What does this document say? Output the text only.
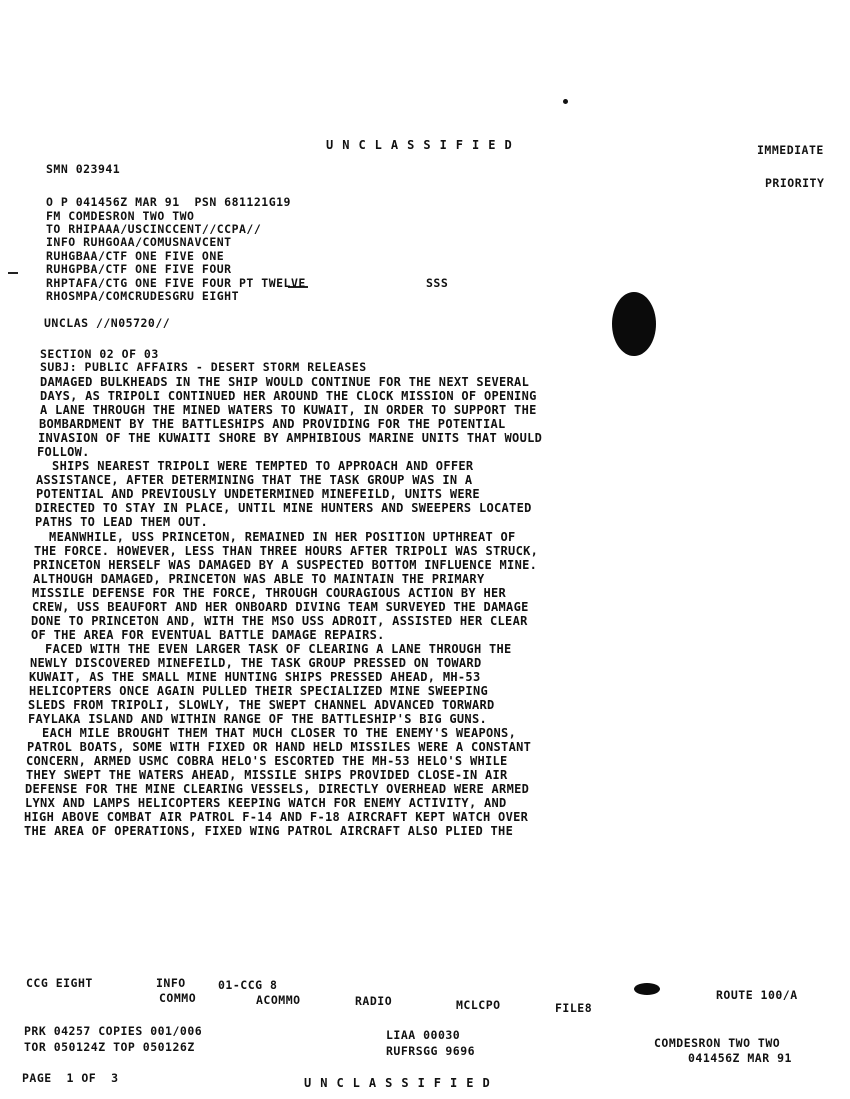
UNCLASSIFIED	IMMEDIATE
PRIORITY
SMN 023941
O P 041456Z MAR 91  PSN 681121G19
FM COMDESRON TWO TWO
TO RHIPAAA/USCINCCENT//CCPA//
INFO RUHGOAA/COMUSNAVCENT
RUHGBAA/CTF ONE FIVE ONE
RUHGPBA/CTF ONE FIVE FOUR
RHPTAFA/CTG ONE FIVE FOUR PT TWELVE	SSS
RHOSMPA/COMCRUDESGRU EIGHT
UNCLAS //N05720//
SECTION 02 OF 03
SUBJ: PUBLIC AFFAIRS - DESERT STORM RELEASES
DAMAGED BULKHEADS IN THE SHIP WOULD CONTINUE FOR THE NEXT SEVERAL
DAYS, AS TRIPOLI CONTINUED HER AROUND THE CLOCK MISSION OF OPENING
A LANE THROUGH THE MINED WATERS TO KUWAIT, IN ORDER TO SUPPORT THE
BOMBARDMENT BY THE BATTLESHIPS AND PROVIDING FOR THE POTENTIAL
INVASION OF THE KUWAITI SHORE BY AMPHIBIOUS MARINE UNITS THAT WOULD
FOLLOW.
SHIPS NEAREST TRIPOLI WERE TEMPTED TO APPROACH AND OFFER
ASSISTANCE, AFTER DETERMINING THAT THE TASK GROUP WAS IN A
POTENTIAL AND PREVIOUSLY UNDETERMINED MINEFEILD, UNITS WERE
DIRECTED TO STAY IN PLACE, UNTIL MINE HUNTERS AND SWEEPERS LOCATED
PATHS TO LEAD THEM OUT.
MEANWHILE, USS PRINCETON, REMAINED IN HER POSITION UPTHREAT OF
THE FORCE. HOWEVER, LESS THAN THREE HOURS AFTER TRIPOLI WAS STRUCK,
PRINCETON HERSELF WAS DAMAGED BY A SUSPECTED BOTTOM INFLUENCE MINE.
ALTHOUGH DAMAGED, PRINCETON WAS ABLE TO MAINTAIN THE PRIMARY
MISSILE DEFENSE FOR THE FORCE, THROUGH COURAGIOUS ACTION BY HER
CREW, USS BEAUFORT AND HER ONBOARD DIVING TEAM SURVEYED THE DAMAGE
DONE TO PRINCETON AND, WITH THE MSO USS ADROIT, ASSISTED HER CLEAR
OF THE AREA FOR EVENTUAL BATTLE DAMAGE REPAIRS.
FACED WITH THE EVEN LARGER TASK OF CLEARING A LANE THROUGH THE
NEWLY DISCOVERED MINEFEILD, THE TASK GROUP PRESSED ON TOWARD
KUWAIT, AS THE SMALL MINE HUNTING SHIPS PRESSED AHEAD, MH-53
HELICOPTERS ONCE AGAIN PULLED THEIR SPECIALIZED MINE SWEEPING
SLEDS FROM TRIPOLI, SLOWLY, THE SWEPT CHANNEL ADVANCED TORWARD
FAYLAKA ISLAND AND WITHIN RANGE OF THE BATTLESHIP'S BIG GUNS.
EACH MILE BROUGHT THEM THAT MUCH CLOSER TO THE ENEMY'S WEAPONS,
PATROL BOATS, SOME WITH FIXED OR HAND HELD MISSILES WERE A CONSTANT
CONCERN, ARMED USMC COBRA HELO'S ESCORTED THE MH-53 HELO'S WHILE
THEY SWEPT THE WATERS AHEAD, MISSILE SHIPS PROVIDED CLOSE-IN AIR
DEFENSE FOR THE MINE CLEARING VESSELS, DIRECTLY OVERHEAD WERE ARMED
LYNX AND LAMPS HELICOPTERS KEEPING WATCH FOR ENEMY ACTIVITY, AND
HIGH ABOVE COMBAT AIR PATROL F-14 AND F-18 AIRCRAFT KEPT WATCH OVER
THE AREA OF OPERATIONS, FIXED WING PATROL AIRCRAFT ALSO PLIED THE
CCG EIGHT	INFO	01-CCG 8
COMMO	ACOMMO	RADIO	MCLCPO	FILE8
ROUTE 100/A
PRK 04257 COPIES 001/006
TOR 050124Z TOP 050126Z
LIAA 00030
RUFRSGG 9696
COMDESRON TWO TWO
041456Z MAR 91
PAGE  1 OF  3	UNCLASSIFIED
